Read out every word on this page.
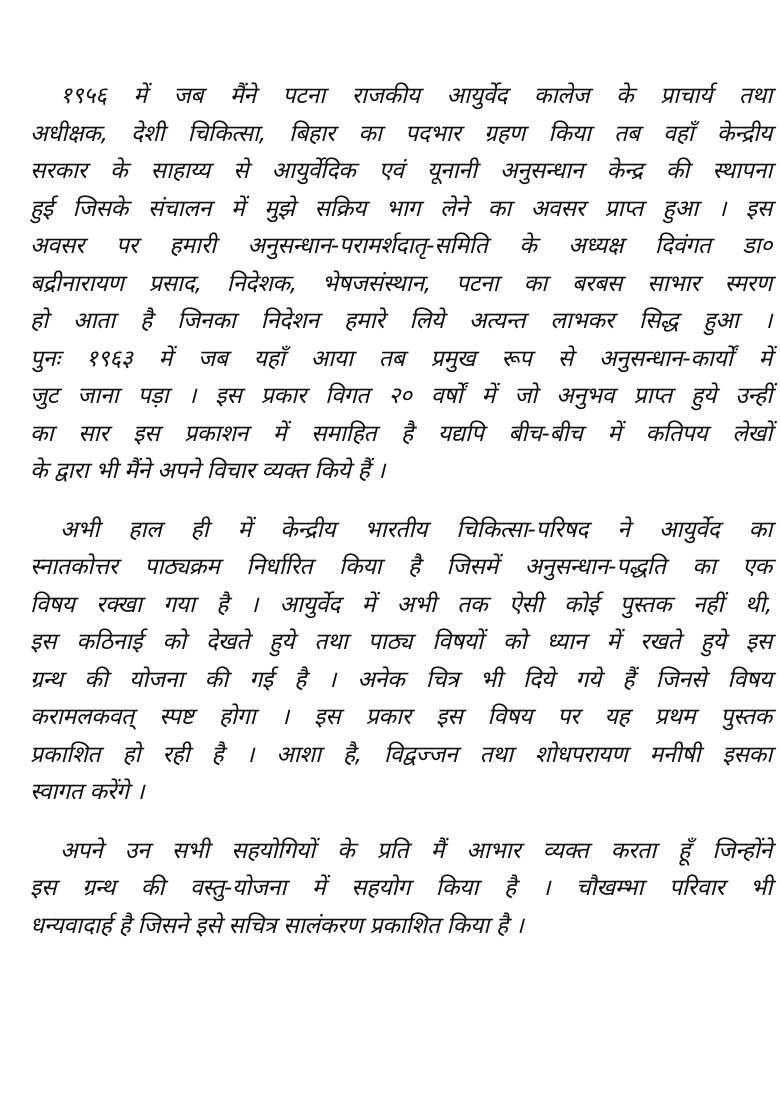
१९५६ में जब मैंने पटना राजकीय आयुर्वेद कालेज के प्राचार्य तथा
अधीक्षक, देशी चिकित्सा, बिहार का पदभार ग्रहण किया तब वहाँ केन्द्रीय
सरकार के साहाय्य से आयुर्वेदिक एवं यूनानी अनुसन्धान केन्द्र की स्थापना
हुई जिसके संचालन में मुझे सक्रिय भाग लेने का अवसर प्राप्त हुआ । इस
अवसर पर हमारी अनुसन्धान-परामर्शदातृ-समिति के अध्यक्ष दिवंगत डा०
बद्रीनारायण प्रसाद, निदेशक, भेषजसंस्थान, पटना का बरबस साभार स्मरण
हो आता है जिनका निदेशन हमारे लिये अत्यन्त लाभकर सिद्ध हुआ ।
पुनः १९६३ में जब यहाँ आया तब प्रमुख रूप से अनुसन्धान-कार्यों में
जुट जाना पड़ा । इस प्रकार विगत २० वर्षों में जो अनुभव प्राप्त हुये उन्हीं
का सार इस प्रकाशन में समाहित है यद्यपि बीच-बीच में कतिपय लेखों
के द्वारा भी मैंने अपने विचार व्यक्त किये हैं ।
अभी हाल ही में केन्द्रीय भारतीय चिकित्सा-परिषद ने आयुर्वेद का
स्नातकोत्तर पाठ्यक्रम निर्धारित किया है जिसमें अनुसन्धान-पद्धति का एक
विषय रक्खा गया है । आयुर्वेद में अभी तक ऐसी कोई पुस्तक नहीं थी,
इस कठिनाई को देखते हुये तथा पाठ्य विषयों को ध्यान में रखते हुये इस
ग्रन्थ की योजना की गई है । अनेक चित्र भी दिये गये हैं जिनसे विषय
करामलकवत् स्पष्ट होगा । इस प्रकार इस विषय पर यह प्रथम पुस्तक
प्रकाशित हो रही है । आशा है, विद्वज्जन तथा शोधपरायण मनीषी इसका
स्वागत करेंगे ।
अपने उन सभी सहयोगियों के प्रति मैं आभार व्यक्त करता हूँ जिन्होंने
इस ग्रन्थ की वस्तु-योजना में सहयोग किया है । चौखम्भा परिवार भी
धन्यवादार्ह है जिसने इसे सचित्र सालंकरण प्रकाशित किया है ।
